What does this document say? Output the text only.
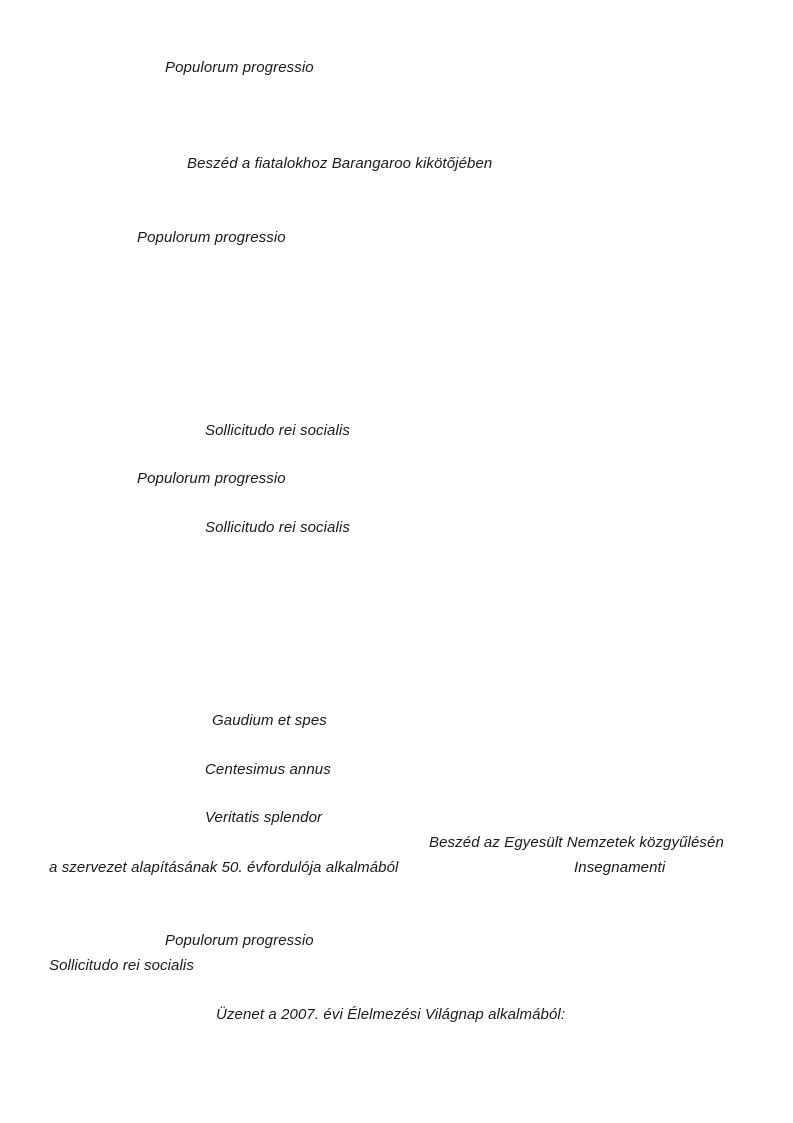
Populorum progressio
Beszéd a fiatalokhoz Barangaroo kikötőjében
Populorum progressio
Sollicitudo rei socialis
Populorum progressio
Sollicitudo rei socialis
Gaudium et spes
Centesimus annus
Veritatis splendor
Beszéd az Egyesült Nemzetek közgyűlésén
a szervezet alapításának 50. évfordulója alkalmából	Insegnamenti
Populorum progressio
Sollicitudo rei socialis
Üzenet a 2007. évi Élelmezési Világnap alkalmából:
